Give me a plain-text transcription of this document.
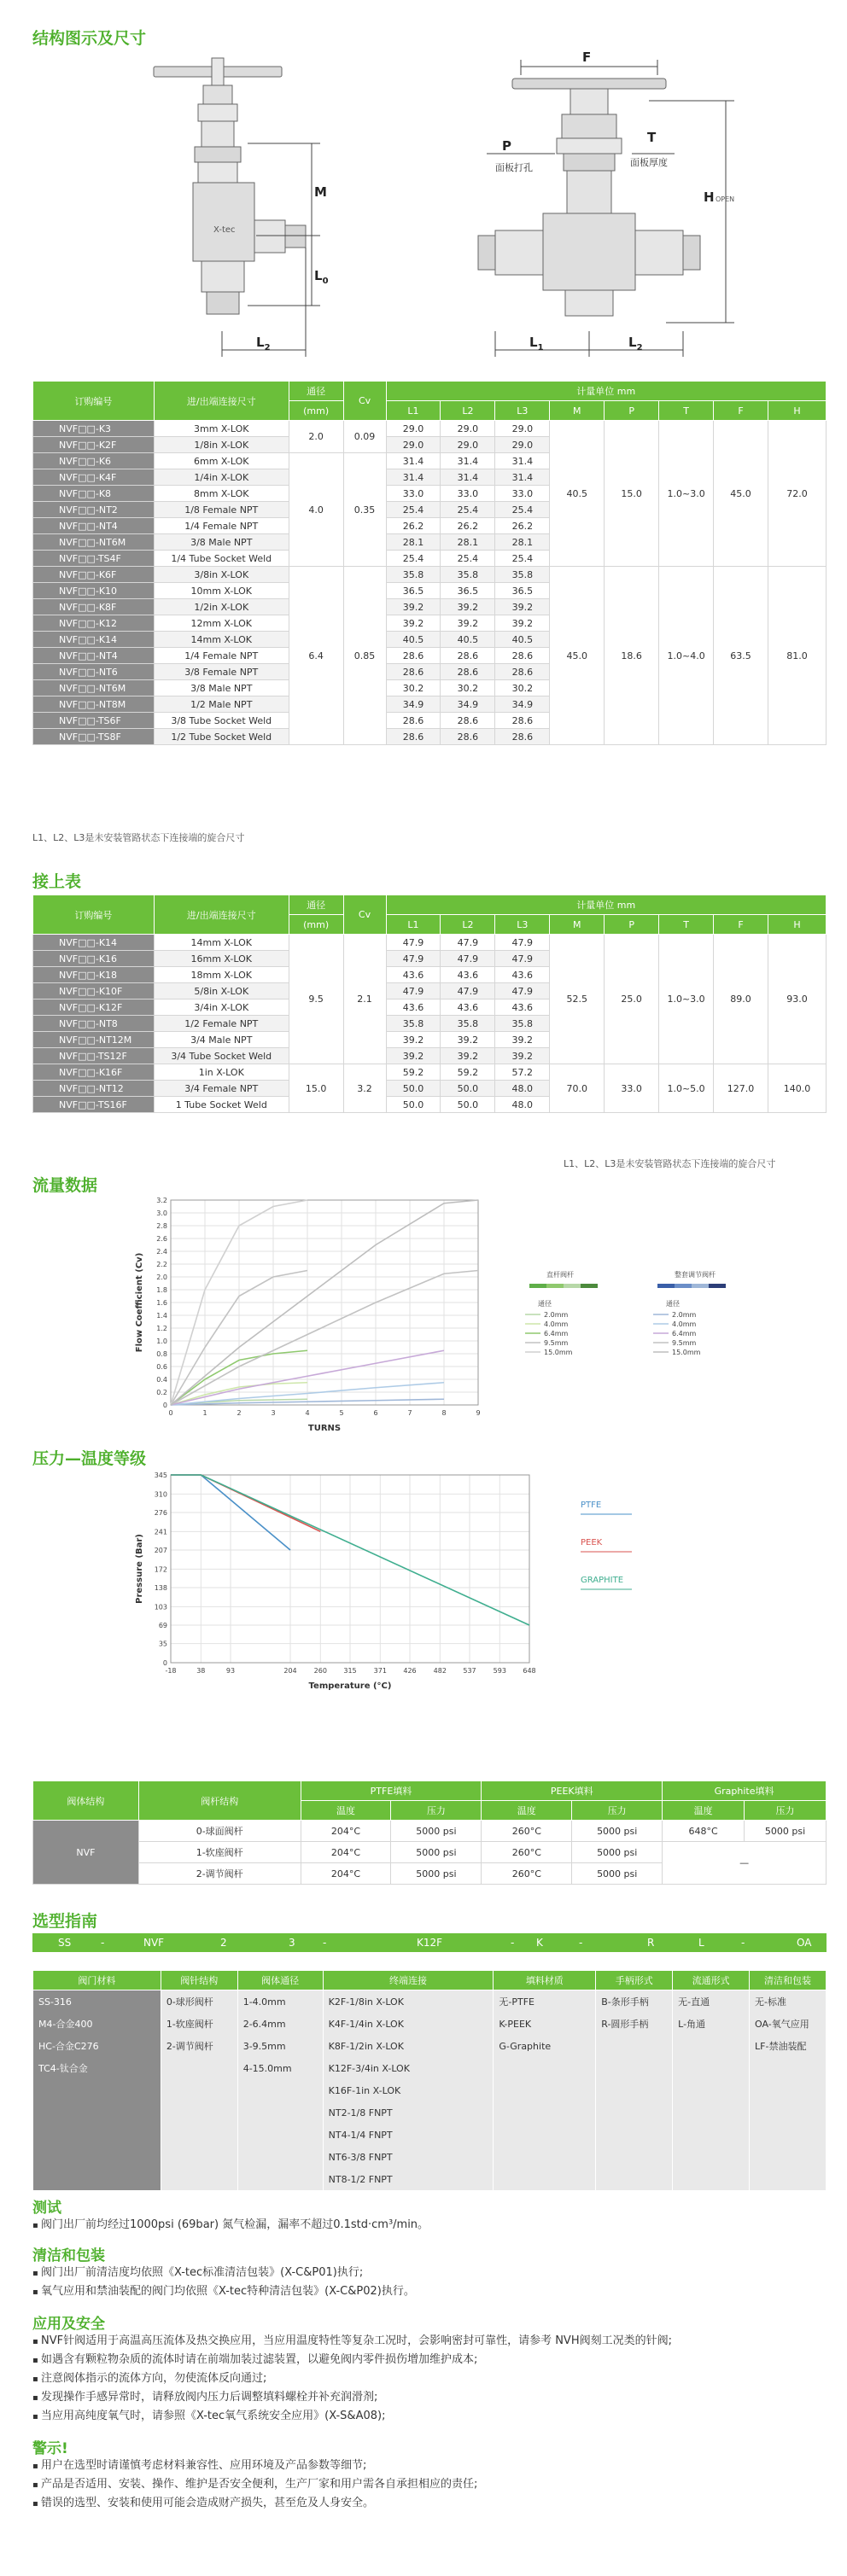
结构图示及尺寸
X-tec
M
$L_0$
$L_2$
F
P
T
面板打孔	面板厚度
H OPEN
$L_1$	$L_2$
订购编号	进/出端连接尺寸	通径	Cv	计量单位 mm							
		(mm)		L1	L2	L3	M	P	T	F	H
NVF□□-K3	3mm X-LOK	2.0	0.09	29.0	29.0	29.0	40.5	15.0	1.0~3.0	45.0	72.0
NVF□□-K2F	1/8in X-LOK			29.0	29.0	29.0					
NVF□□-K6	6mm X-LOK	4.0	0.35	31.4	31.4	31.4					
NVF□□-K4F	1/4in X-LOK			31.4	31.4	31.4					
NVF□□-K8	8mm X-LOK			33.0	33.0	33.0					
NVF□□-NT2	1/8 Female NPT			25.4	25.4	25.4					
NVF□□-NT4	1/4 Female NPT			26.2	26.2	26.2					
NVF□□-NT6M	3/8 Male NPT			28.1	28.1	28.1					
NVF□□-TS4F	1/4 Tube Socket Weld			25.4	25.4	25.4					
NVF□□-K6F	3/8in X-LOK	6.4	0.85	35.8	35.8	35.8	45.0	18.6	1.0~4.0	63.5	81.0
NVF□□-K10	10mm X-LOK			36.5	36.5	36.5					
NVF□□-K8F	1/2in X-LOK			39.2	39.2	39.2					
NVF□□-K12	12mm X-LOK			39.2	39.2	39.2					
NVF□□-K14	14mm X-LOK			40.5	40.5	40.5					
NVF□□-NT4	1/4 Female NPT			28.6	28.6	28.6					
NVF□□-NT6	3/8 Female NPT			28.6	28.6	28.6					
NVF□□-NT6M	3/8 Male NPT			30.2	30.2	30.2					
NVF□□-NT8M	1/2 Male NPT			34.9	34.9	34.9					
NVF□□-TS6F	3/8 Tube Socket Weld			28.6	28.6	28.6					
NVF□□-TS8F	1/2 Tube Socket Weld			28.6	28.6	28.6					
L1、L2、L3是未安装管路状态下连接端的旋合尺寸
接上表
订购编号	进/出端连接尺寸	通径	Cv	计量单位 mm							
		(mm)		L1	L2	L3	M	P	T	F	H
NVF□□-K14	14mm X-LOK	9.5	2.1	47.9	47.9	47.9	52.5	25.0	1.0~3.0	89.0	93.0
NVF□□-K16	16mm X-LOK			47.9	47.9	47.9					
NVF□□-K18	18mm X-LOK			43.6	43.6	43.6					
NVF□□-K10F	5/8in X-LOK			47.9	47.9	47.9					
NVF□□-K12F	3/4in X-LOK			43.6	43.6	43.6					
NVF□□-NT8	1/2 Female NPT			35.8	35.8	35.8					
NVF□□-NT12M	3/4 Male NPT			39.2	39.2	39.2					
NVF□□-TS12F	3/4 Tube Socket Weld			39.2	39.2	39.2					
NVF□□-K16F	1in X-LOK	15.0	3.2	59.2	59.2	57.2	70.0	33.0	1.0~5.0	127.0	140.0
NVF□□-NT12	3/4 Female NPT			50.0	50.0	48.0					
NVF□□-TS16F	1 Tube Socket Weld			50.0	50.0	48.0					
L1、L2、L3是未安装管路状态下连接端的旋合尺寸
流量数据
0	1	2	3	4	5	6	7	8	9
0
0.2
0.4
0.6
0.8
1.0
1.2
1.4
1.6
1.8
2.0
2.2
2.4
2.6
2.8
3.0
3.2
TURNS
Flow Coefficient (Cv)	直杆阀杆	整套调节阀杆
通径	通径
2.0mm
4.0mm
6.4mm
9.5mm
15.0mm
2.0mm
4.0mm
6.4mm
9.5mm
15.0mm
压力—温度等级
-18	38	93	204	260 315	371 426	482 537	593 648
0
35
69
103
138
172
207
241
276
310
345
Temperature (°C)
Pressure (Bar)
PTFE
PEEK
GRAPHITE
阀体结构	阀杆结构	PTFE填料		PEEK填料		Graphite填料	
		温度	压力	温度	压力	温度	压力
NVF	0-球面阀杆	204°C	5000 psi	260°C	5000 psi	648°C	5000 psi
	1-软座阀杆	204°C	5000 psi	260°C	5000 psi	—	
	2-调节阀杆	204°C	5000 psi	260°C	5000 psi		
选型指南
SS	-	NVF	2	3	-	K12F	- K	-	R	L	-	OA
阀门材料	阀针结构	阀体通径	终端连接	填料材质	手柄形式	流通形式	清洁和包装
SS-316	0-球形阀杆	1-4.0mm	K2F-1/8in X-LOK	无-PTFE	B-条形手柄	无-直通	无-标准
M4-合金400	1-软座阀杆	2-6.4mm	K4F-1/4in X-LOK	K-PEEK	R-圆形手柄	L-角通	OA-氧气应用
HC-合金C276	2-调节阀杆	3-9.5mm	K8F-1/2in X-LOK	G-Graphite			LF-禁油装配
TC4-钛合金		4-15.0mm	K12F-3/4in X-LOK				
			K16F-1in X-LOK				
			NT2-1/8 FNPT				
			NT4-1/4 FNPT				
			NT6-3/8 FNPT				
			NT8-1/2 FNPT				
测试
▪ 阀门出厂前均经过1000psi (69bar) 氮气检漏，漏率不超过0.1std·cm³/min。
清洁和包装
▪ 阀门出厂前清洁度均依照《X-tec标准清洁包装》(X-C&P01)执行;
▪ 氧气应用和禁油装配的阀门均依照《X-tec特种清洁包装》(X-C&P02)执行。
应用及安全
▪ NVF针阀适用于高温高压流体及热交换应用，当应用温度特性等复杂工况时，会影响密封可靠性，请参考 NVH阀刻工况类的针阀;
▪ 如遇含有颗粒物杂质的流体时请在前端加装过滤装置，以避免阀内零件损伤增加维护成本;
▪ 注意阀体指示的流体方向，勿使流体反向通过;
▪ 发现操作手感异常时，请释放阀内压力后调整填料螺栓并补充润滑剂;
▪ 当应用高纯度氧气时，请参照《X-tec氧气系统安全应用》(X-S&A08);
警示!
▪ 用户在选型时请谨慎考虑材料兼容性、应用环境及产品参数等细节;
▪ 产品是否适用、安装、操作、维护是否安全便利，生产厂家和用户需各自承担相应的责任;
▪ 错误的选型、安装和使用可能会造成财产损失，甚至危及人身安全。
